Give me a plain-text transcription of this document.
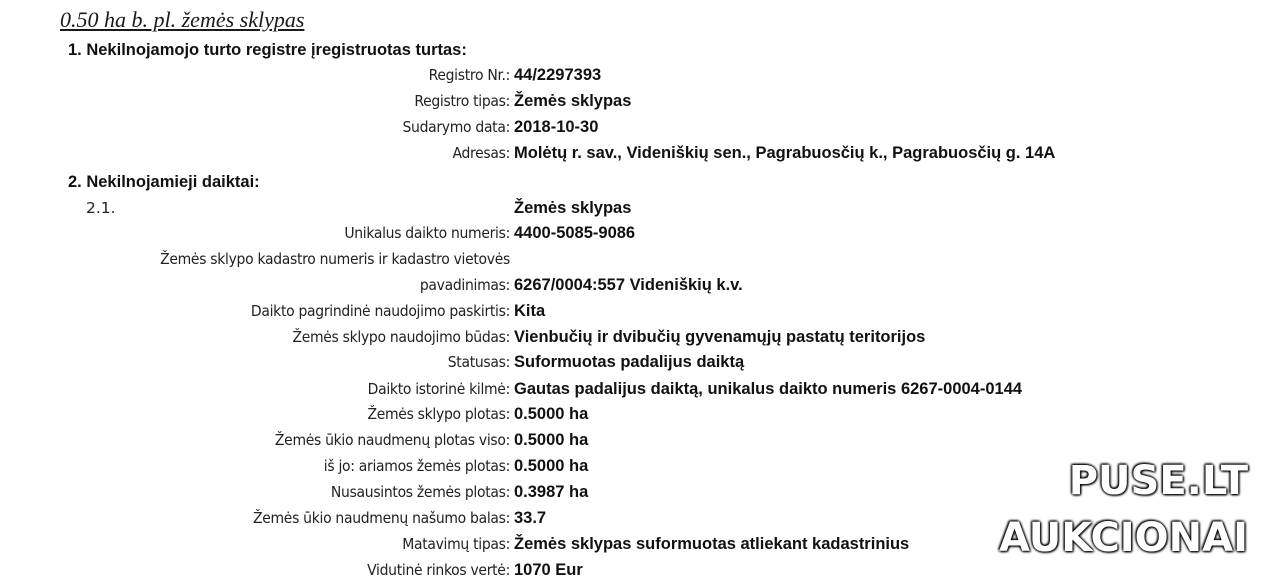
0.50 ha b. pl. žemės sklypas
1. Nekilnojamojo turto registre įregistruotas turtas:
Registro Nr.: 44/2297393
Registro tipas: Žemės sklypas
Sudarymo data: 2018-10-30
Adresas: Molėtų r. sav., Videniškių sen., Pagrabuosčių k., Pagrabuosčių g. 14A
2. Nekilnojamieji daiktai:
2.1.	Žemės sklypas
Unikalus daikto numeris: 4400-5085-9086
Žemės sklypo kadastro numeris ir kadastro vietovės
pavadinimas: 6267/0004:557 Videniškių k.v.
Daikto pagrindinė naudojimo paskirtis: Kita
Žemės sklypo naudojimo būdas: Vienbučių ir dvibučių gyvenamųjų pastatų teritorijos
Statusas: Suformuotas padalijus daiktą
Daikto istorinė kilmė: Gautas padalijus daiktą, unikalus daikto numeris 6267-0004-0144
Žemės sklypo plotas: 0.5000 ha
Žemės ūkio naudmenų plotas viso: 0.5000 ha
iš jo: ariamos žemės plotas: 0.5000 ha
Nusausintos žemės plotas: 0.3987 ha
Žemės ūkio naudmenų našumo balas: 33.7
Matavimų tipas: Žemės sklypas suformuotas atliekant kadastrinius
Vidutinė rinkos vertė: 1070 Eur
PUSE.LT
AUKCIONAI
